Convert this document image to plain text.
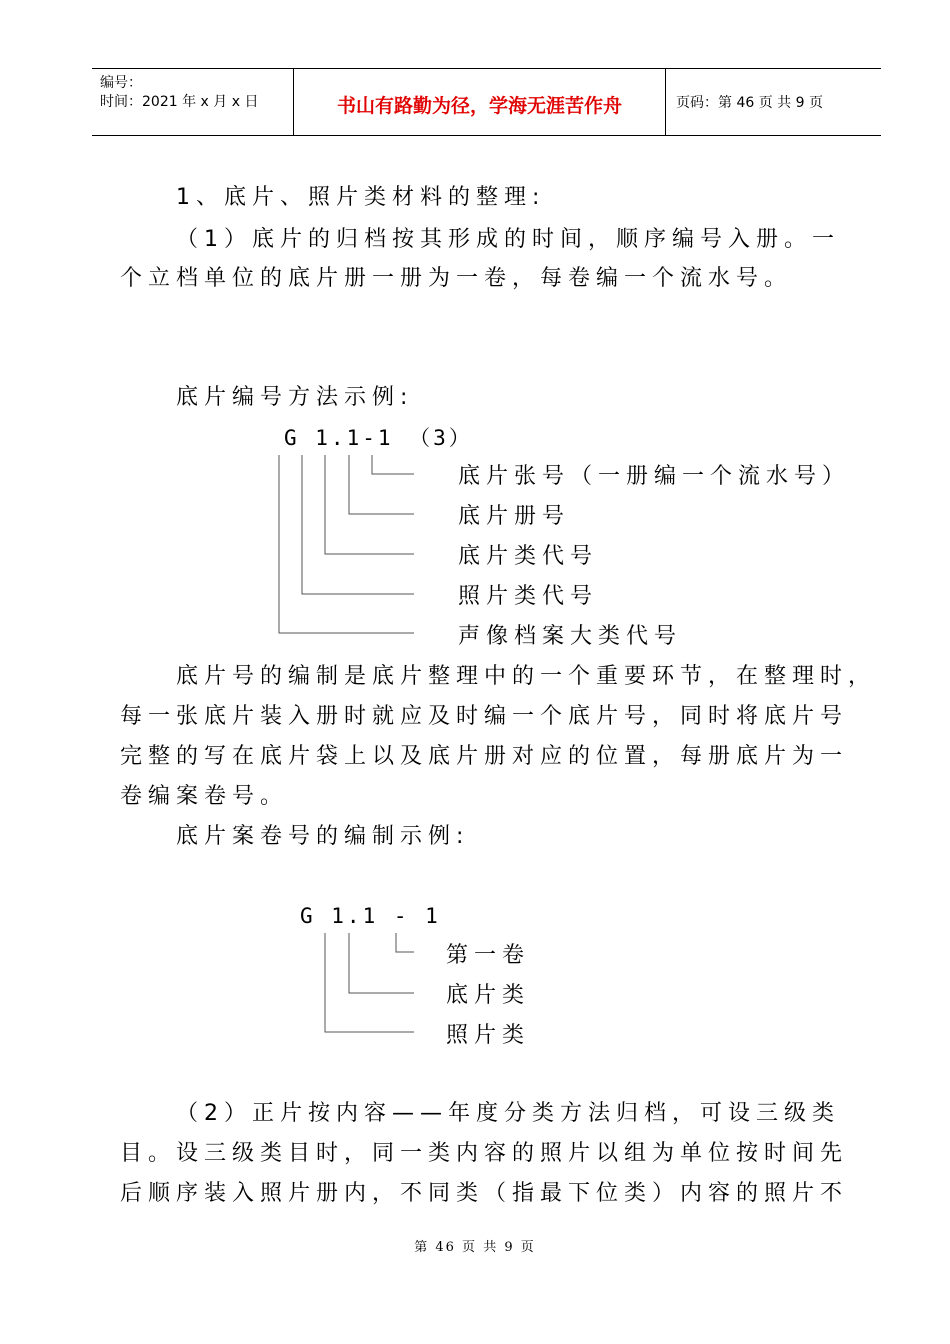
编号：
时间：2021 年 x 月 x 日	书山有路勤为径，学海无涯苦作舟	页码：第 46 页 共 9 页
1、底片、照片类材料的整理:
（1）底片的归档按其形成的时间，顺序编号入册。一
个立档单位的底片册一册为一卷，每卷编一个流水号。
底片编号方法示例:
G 1.1-1 （3）
底片张号（一册编一个流水号）
底片册号
底片类代号
照片类代号
声像档案大类代号
底片号的编制是底片整理中的一个重要环节，在整理时，
每一张底片装入册时就应及时编一个底片号，同时将底片号
完整的写在底片袋上以及底片册对应的位置，每册底片为一
卷编案卷号。
底片案卷号的编制示例:
G 1.1 - 1
第一卷
底片类
照片类
（2）正片按内容——年度分类方法归档，可设三级类
目。设三级类目时，同一类内容的照片以组为单位按时间先
后顺序装入照片册内，不同类（指最下位类）内容的照片不
第 46 页 共 9 页
